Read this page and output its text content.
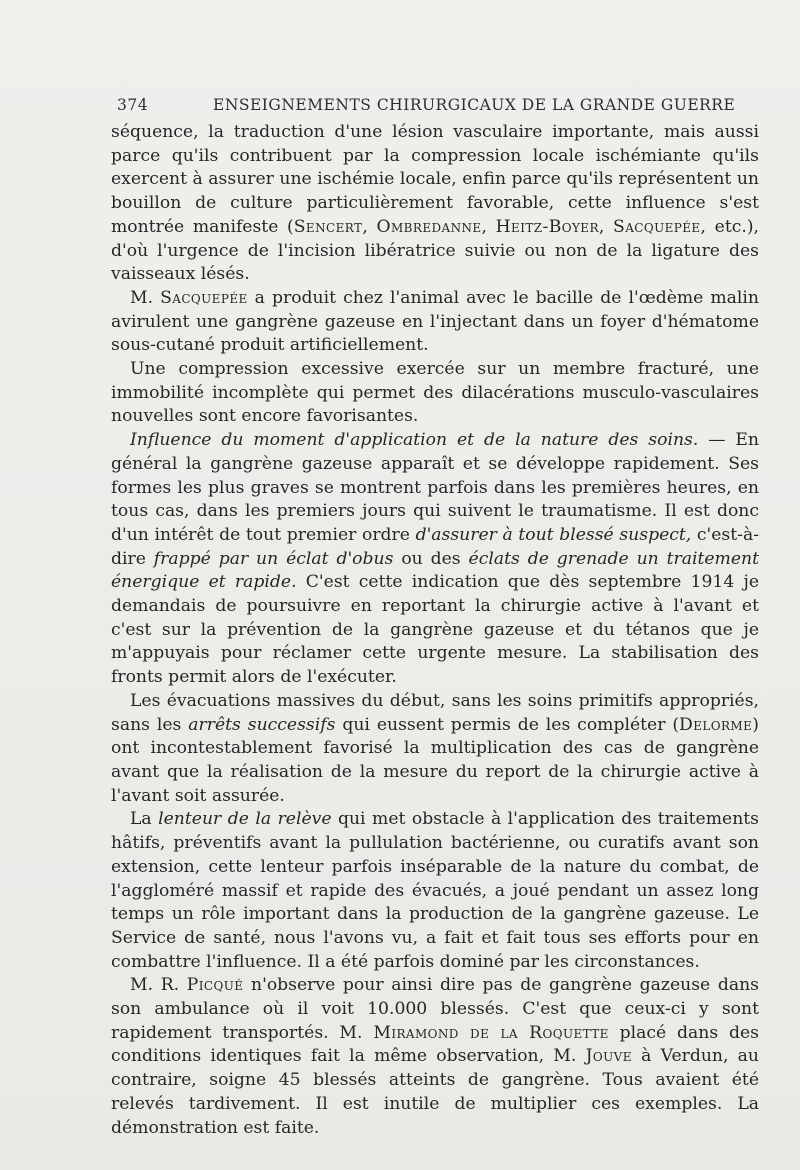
374	ENSEIGNEMENTS CHIRURGICAUX DE LA GRANDE GUERRE

séquence, la traduction d'une lésion vasculaire importante, mais aussi parce qu'ils contribuent par la compression locale ischémiante qu'ils exercent à assurer une ischémie locale, enfin parce qu'ils représentent un bouillon de culture particulièrement favorable, cette influence s'est montrée manifeste (Sencert, Ombredanne, Heitz-Boyer, Sacquepée, etc.), d'où l'urgence de l'incision libératrice suivie ou non de la ligature des vaisseaux lésés.

M. Sacquepée a produit chez l'animal avec le bacille de l'œdème malin avirulent une gangrène gazeuse en l'injectant dans un foyer d'hématome sous-cutané produit artificiellement.

Une compression excessive exercée sur un membre fracturé, une immobilité incomplète qui permet des dilacérations musculo-vasculaires nouvelles sont encore favorisantes.

Influence du moment d'application et de la nature des soins. — En général la gangrène gazeuse apparaît et se développe rapidement. Ses formes les plus graves se montrent parfois dans les premières heures, en tous cas, dans les premiers jours qui suivent le traumatisme. Il est donc d'un intérêt de tout premier ordre d'assurer à tout blessé suspect, c'est-à-dire frappé par un éclat d'obus ou des éclats de grenade un traitement énergique et rapide. C'est cette indication que dès septembre 1914 je demandais de poursuivre en reportant la chirurgie active à l'avant et c'est sur la prévention de la gangrène gazeuse et du tétanos que je m'appuyais pour réclamer cette urgente mesure. La stabilisation des fronts permit alors de l'exécuter.

Les évacuations massives du début, sans les soins primitifs appropriés, sans les arrêts successifs qui eussent permis de les compléter (Delorme) ont incontestablement favorisé la multiplication des cas de gangrène avant que la réalisation de la mesure du report de la chirurgie active à l'avant soit assurée.

La lenteur de la relève qui met obstacle à l'application des traitements hâtifs, préventifs avant la pullulation bactérienne, ou curatifs avant son extension, cette lenteur parfois inséparable de la nature du combat, de l'aggloméré massif et rapide des évacués, a joué pendant un assez long temps un rôle important dans la production de la gangrène gazeuse. Le Service de santé, nous l'avons vu, a fait et fait tous ses efforts pour en combattre l'influence. Il a été parfois dominé par les circonstances.

M. R. Picqué n'observe pour ainsi dire pas de gangrène gazeuse dans son ambulance où il voit 10.000 blessés. C'est que ceux-ci y sont rapidement transportés. M. Miramond de la Roquette placé dans des conditions identiques fait la même observation, M. Jouve à Verdun, au contraire, soigne 45 blessés atteints de gangrène. Tous avaient été relevés tardivement. Il est inutile de multiplier ces exemples. La démonstration est faite.
